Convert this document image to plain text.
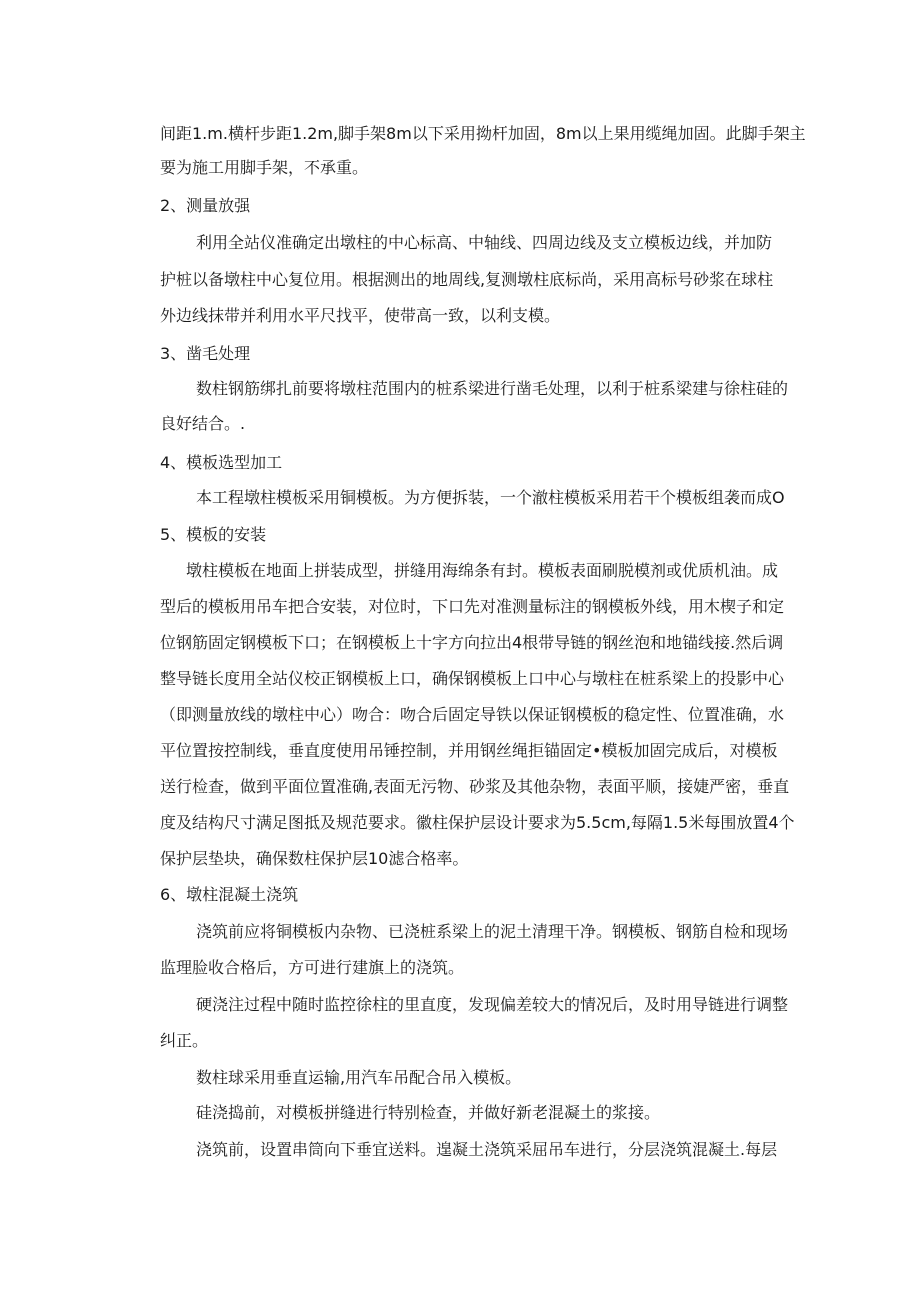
间距1.m.横杆步距1.2m,脚手架8m以下采用拗杆加固，8m以上果用缆绳加固。此脚手架主
要为施工用脚手架，不承重。
2、测量放强
利用全站仪准确定出墩柱的中心标高、中轴线、四周边线及支立模板边线，并加防
护桩以备墩柱中心复位用。根据测出的地周线,复测墩柱底标尚，采用高标号砂浆在球柱
外边线抹带并利用水平尺找平，使带高一致，以利支模。
3、凿毛处理
数柱钢筋绑扎前要将墩柱范围内的桩系梁进行凿毛处理，以利于桩系梁建与徐柱硅的
良好结合。.
4、模板选型加工
本工程墩柱模板采用铜模板。为方便拆装，一个澈柱模板采用若干个模板组袭而成O
5、模板的安装
墩柱模板在地面上拼装成型，拼缝用海绵条有封。模板表面刷脱模剂或优质机油。成
型后的模板用吊车把合安装，对位时，下口先对准测量标注的钢模板外线，用木楔子和定
位钢筋固定钢模板下口；在钢模板上十字方向拉出4根带导链的钢丝泡和地锚线接.然后调
整导链长度用全站仪校正钢模板上口，确保钢模板上口中心与墩柱在桩系梁上的投影中心
（即测量放线的墩柱中心）吻合：吻合后固定导铁以保证钢模板的稳定性、位置准确，水
平位置按控制线，垂直度使用吊锤控制，并用钢丝绳拒锚固定•模板加固完成后，对模板
送行检查，做到平面位置准确,表面无污物、砂浆及其他杂物，表面平顺，接婕严密，垂直
度及结构尺寸满足图抵及规范要求。徽柱保护层设计要求为5.5cm,每隔1.5米每围放置4个
保护层垫块，确保数柱保护层10滤合格率。
6、墩柱混凝土浇筑
浇筑前应将铜模板内杂物、已浇桩系梁上的泥土清理干净。钢模板、钢筋自检和现场
监理脸收合格后，方可进行建旗上的浇筑。
硬浇注过程中随时监控徐柱的里直度，发现偏差较大的情况后，及时用导链进行调整
纠正。
数柱球采用垂直运输,用汽车吊配合吊入模板。
硅浇捣前，对模板拼缝进行特别检查，并做好新老混凝土的浆接。
浇筑前，设置串筒向下垂宜送料。遑凝土浇筑采屈吊车进行，分层浇筑混凝土.每层
